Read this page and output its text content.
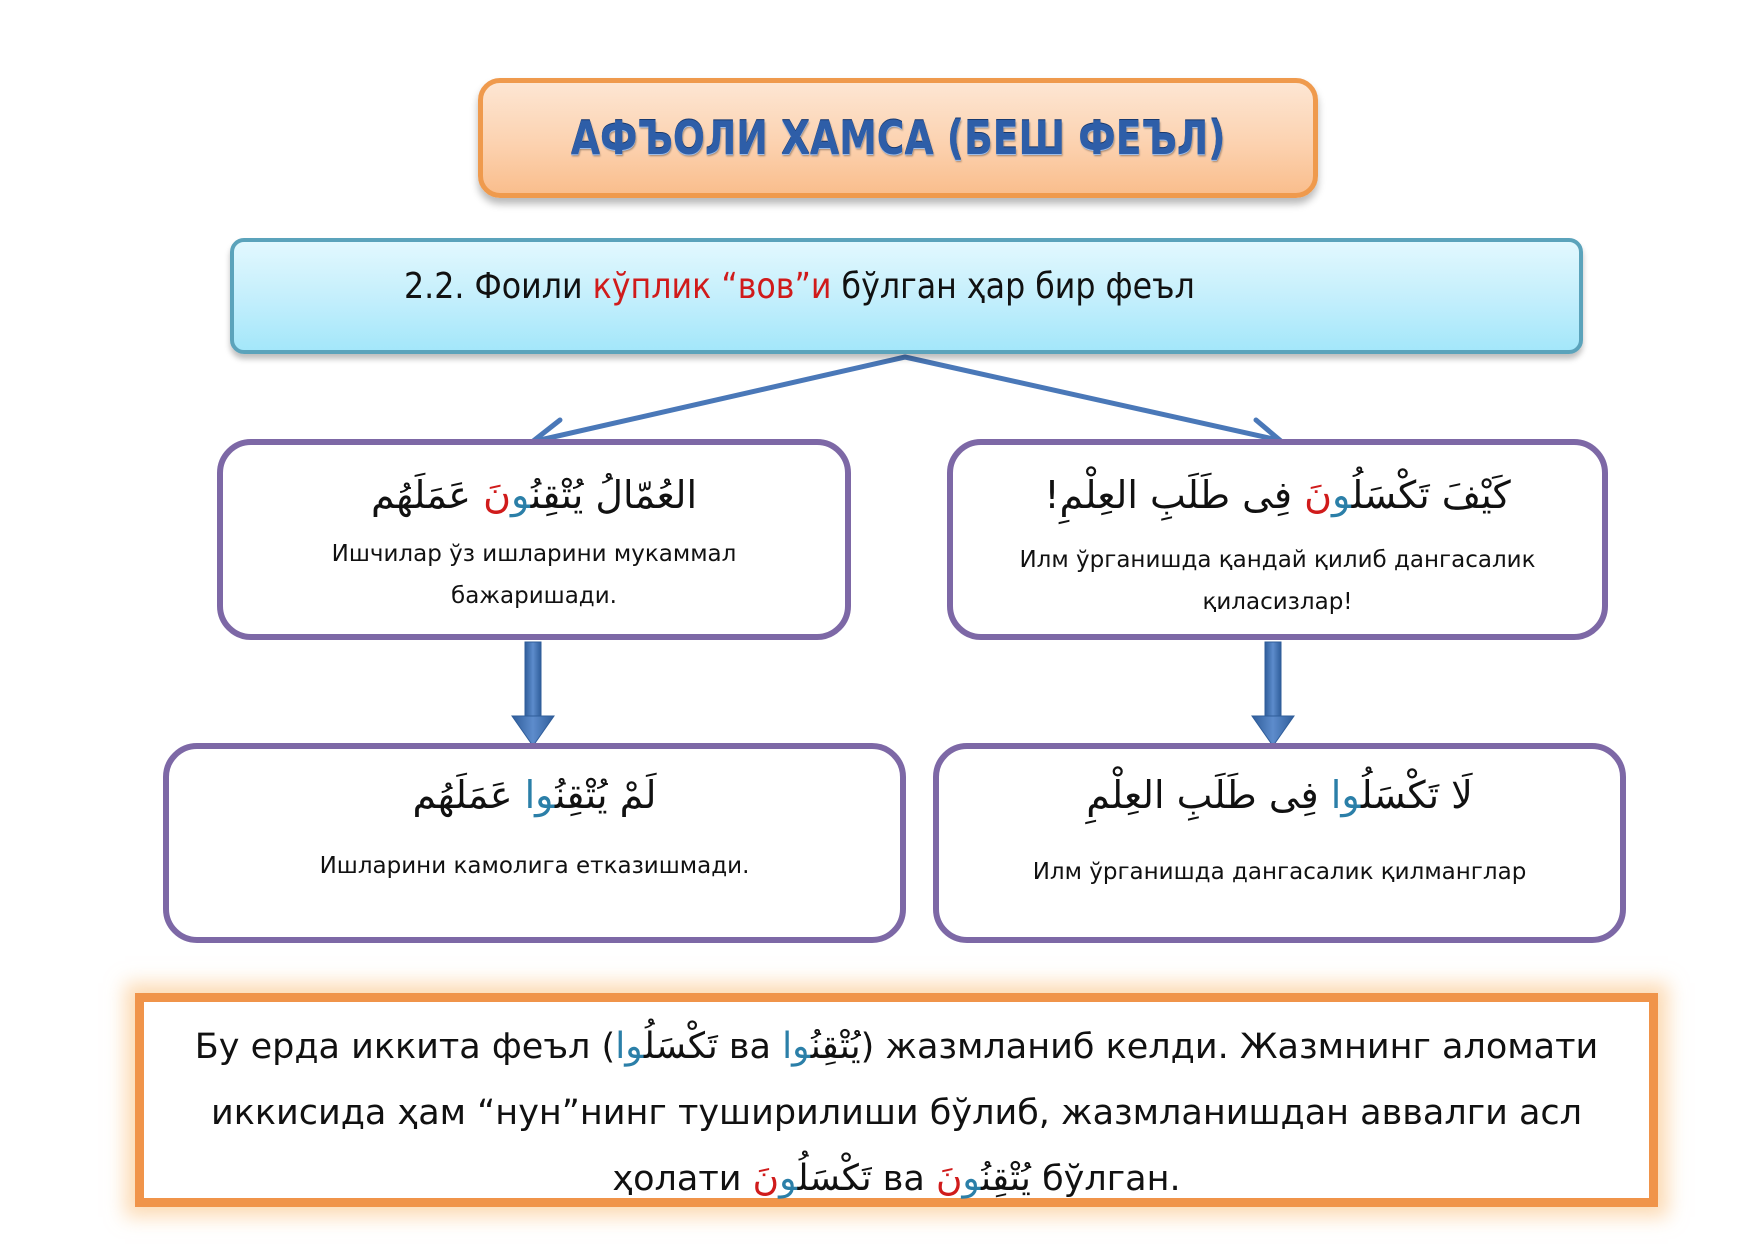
АФЪОЛИ ХАМСА (БЕШ ФЕЪЛ)
2.2. Фоили кўплик “вов”и бўлган ҳар бир феъл
العُمّالُ يُتْقِنُونَ عَمَلَهُم
Ишчилар ўз ишларини мукаммал
бажаришади.
كَيْفَ تَكْسَلُونَ فِى طَلَبِ العِلْمِ!
Илм ўрганишда қандай қилиб дангасалик
қиласизлар!
لَمْ يُتْقِنُوا عَمَلَهُم
Ишларини камолига етказишмади.
لَا تَكْسَلُوا فِى طَلَبِ العِلْمِ
Илм ўрганишда дангасалик қилманглар
Бу ерда иккита феъл ( تَكْسَلُوا ва يُتْقِنُوا ) жазмланиб келди. Жазмнинг аломати
иккисида ҳам “нун”нинг туширилиши бўлиб, жазмланишдан аввалги асл
ҳолати تَكْسَلُونَ	ва يُتْقِنُونَ бўлган.
